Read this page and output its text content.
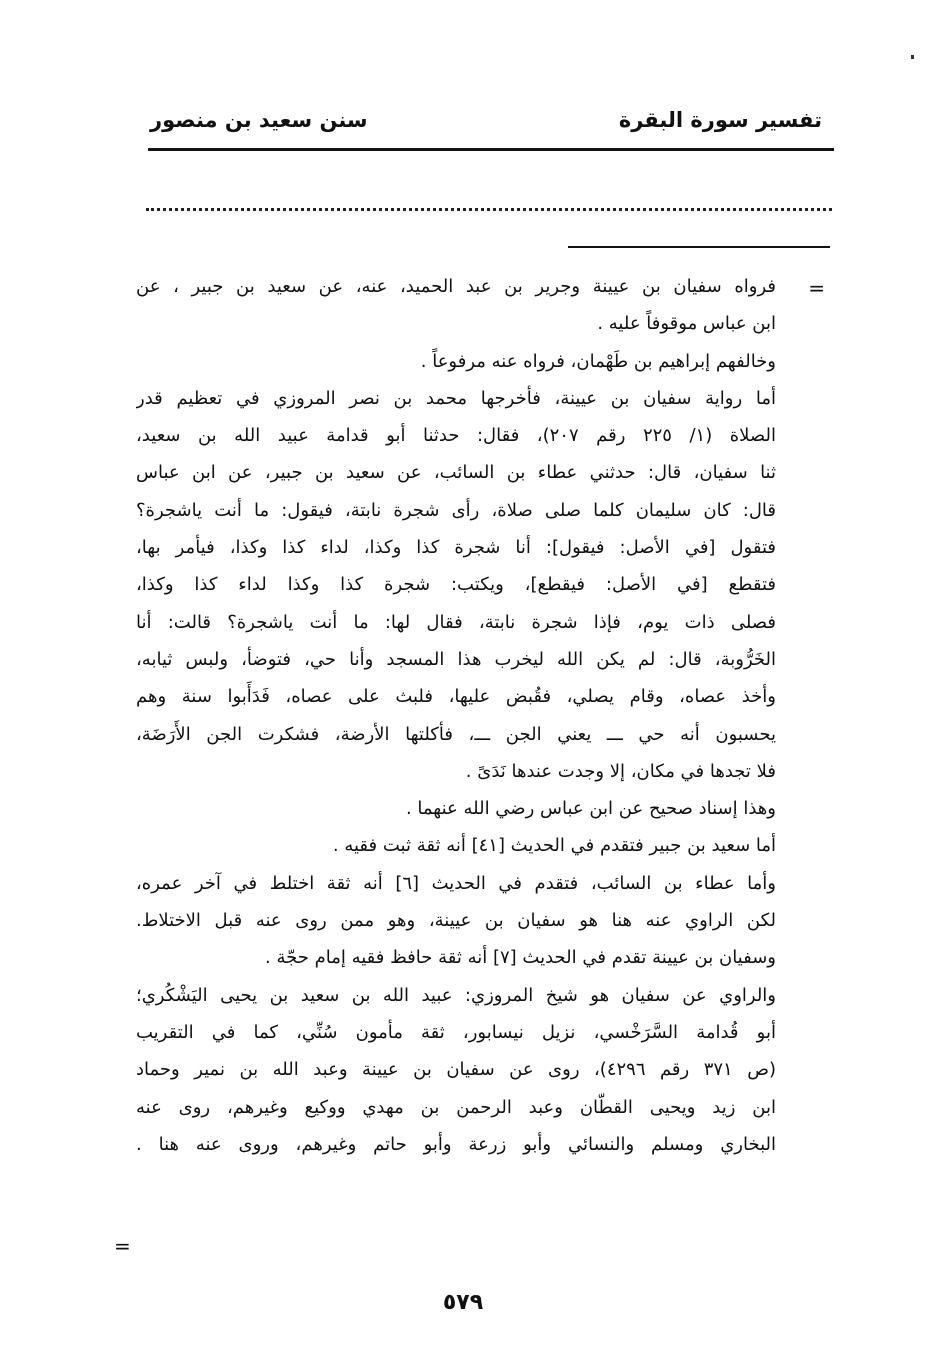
تفسير سورة البقرة
سنن سعيد بن منصور
=
فرواه سفيان بن عيينة وجرير بن عبد الحميد، عنه، عن سعيد بن جبير ، عن
ابن عباس موقوفاً عليه .
وخالفهم إبراهيم بن طَهْمان، فرواه عنه مرفوعاً .
أما رواية سفيان بن عيينة، فأخرجها محمد بن نصر المروزي في تعظيم قدر
الصلاة (١/ ٢٢٥ رقم ٢٠٧)، فقال: حدثنا أبو قدامة عبيد الله بن سعيد،
ثنا سفيان، قال: حدثني عطاء بن السائب، عن سعيد بن جبير، عن ابن عباس
قال: كان سليمان كلما صلى صلاة، رأى شجرة نابتة، فيقول: ما أنت ياشجرة؟
فتقول [في الأصل: فيقول]: أنا شجرة كذا وكذا، لداء كذا وكذا، فيأمر بها،
فتقطع [في الأصل: فيقطع]، ويكتب: شجرة كذا وكذا لداء كذا وكذا،
فصلى ذات يوم، فإذا شجرة نابتة، فقال لها: ما أنت ياشجرة؟ قالت: أنا
الخَرُّوبة، قال: لم يكن الله ليخرب هذا المسجد وأنا حي، فتوضأ، ولبس ثيابه،
وأخذ عصاه، وقام يصلي، فقُبض عليها، فلبث على عصاه، فَدَأَبوا سنة وهم
يحسبون أنه حي ـــ يعني الجن ـــ، فأكلتها الأرضة، فشكرت الجن الأَرَضَة،
فلا تجدها في مكان، إلا وجدت عندها نَدَىً .
وهذا إسناد صحيح عن ابن عباس رضي الله عنهما .
أما سعيد بن جبير فتقدم في الحديث [٤١] أنه ثقة ثبت فقيه .
وأما عطاء بن السائب، فتقدم في الحديث [٦] أنه ثقة اختلط في آخر عمره،
لكن الراوي عنه هنا هو سفيان بن عيينة، وهو ممن روى عنه قبل الاختلاط.
وسفيان بن عيينة تقدم في الحديث [٧] أنه ثقة حافظ فقيه إمام حجّة .
والراوي عن سفيان هو شيخ المروزي: عبيد الله بن سعيد بن يحيى اليَشْكُري؛
أبو قُدامة السَّرَخْسي، نزيل نيسابور، ثقة مأمون سُنِّي، كما في التقريب
(ص ٣٧١ رقم ٤٢٩٦)، روى عن سفيان بن عيينة وعبد الله بن نمير وحماد
ابن زيد ويحيى القطّان وعبد الرحمن بن مهدي ووكيع وغيرهم، روى عنه
البخاري ومسلم والنسائي وأبو زرعة وأبو حاتم وغيرهم، وروى عنه هنا .
=
٥٧٩
